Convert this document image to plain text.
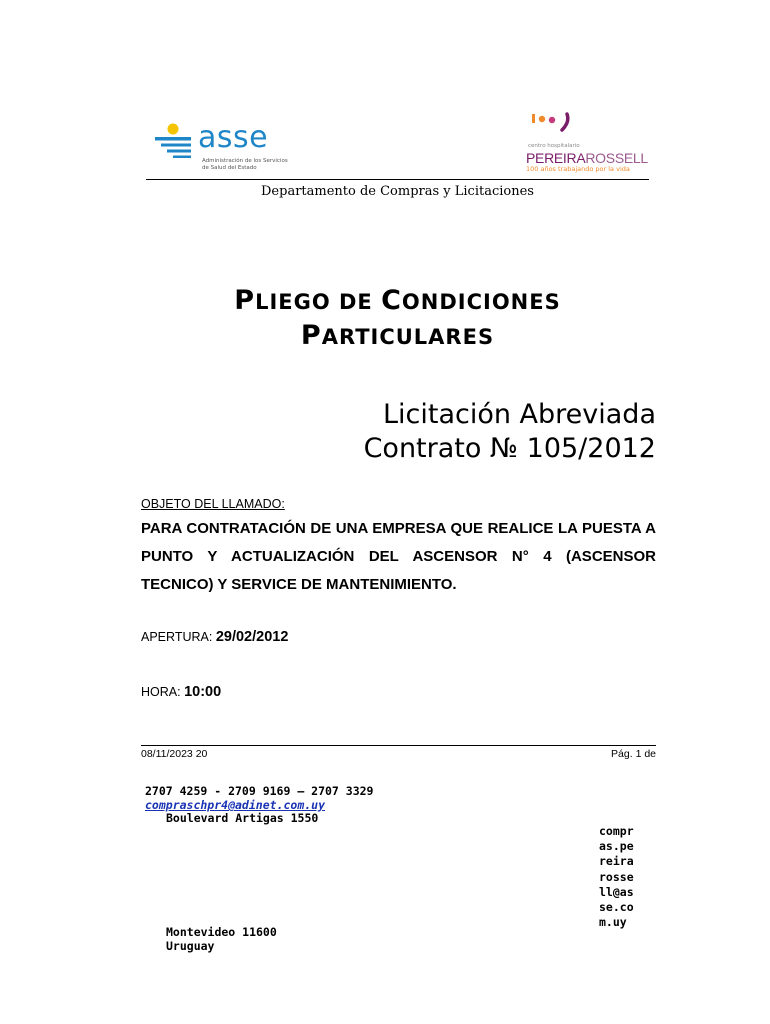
asse
Administración de los Servicios de Salud del Estado
centro hospitalario
PEREIRAROSSELL
100 años trabajando por la vida
Departamento de Compras y Licitaciones
PLIEGO DE CONDICIONES
PARTICULARES
Licitación Abreviada
Contrato № 105/2012
OBJETO DEL LLAMADO:
PARA CONTRATACIÓN DE UNA EMPRESA QUE REALICE LA PUESTA A PUNTO Y ACTUALIZACIÓN DEL ASCENSOR N° 4 (ASCENSOR TECNICO) Y SERVICE DE MANTENIMIENTO.
APERTURA: 29/02/2012
HORA: 10:00
08/11/2023 20	Pág. 1 de
2707 4259 - 2709 9169 – 2707 3329
compraschpr4@adinet.com.uy
Boulevard Artigas 1550
compras.pereirarossell@asse.com.uy
Montevideo 11600
Uruguay
